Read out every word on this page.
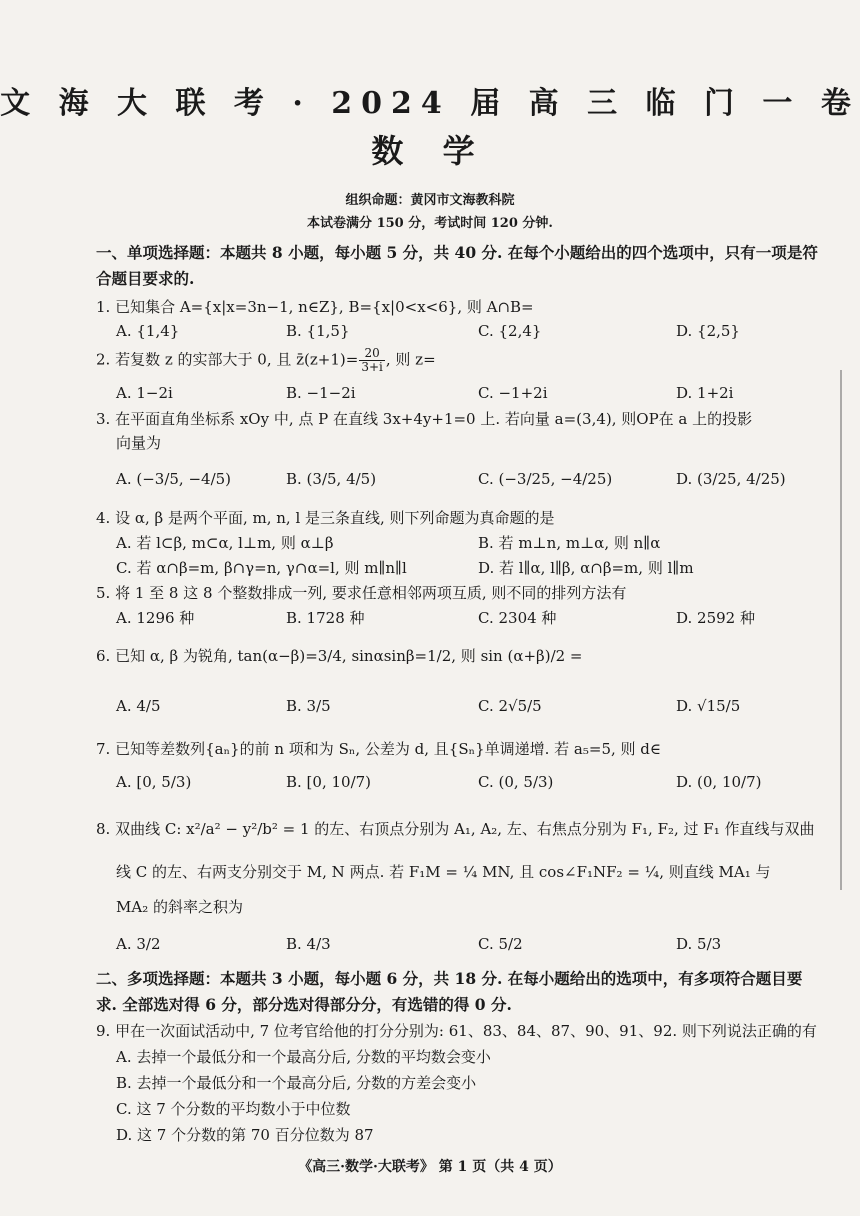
文 海 大 联 考 · 2024 届 高 三 临 门 一 卷
数 学
组织命题：黄冈市文海教科院
本试卷满分 150 分，考试时间 120 分钟.
一、单项选择题：本题共 8 小题，每小题 5 分，共 40 分. 在每个小题给出的四个选项中，只有一项是符
合题目要求的.
1. 已知集合 A={x|x=3n−1, n∈Z}, B={x|0<x<6}, 则 A∩B=
A. {1,4}	B. {1,5}	C. {2,4}	D. {2,5}
2. 若复数 z 的实部大于 0, 且 z̄(z+1)= $\frac{20}{3+i}$ , 则 z=
A. 1−2i	B. −1−2i	C. −1+2i	D. 1+2i
3. 在平面直角坐标系 xOy 中, 点 P 在直线 3x+4y+1=0 上. 若向量 a=(3,4), 则OP在 a 上的投影
向量为
A. (−3/5, −4/5)	B. (3/5, 4/5)	C. (−3/25, −4/25)	D. (3/25, 4/25)
4. 设 α, β 是两个平面, m, n, l 是三条直线, 则下列命题为真命题的是
A. 若 l⊂β, m⊂α, l⊥m, 则 α⊥β	B. 若 m⊥n, m⊥α, 则 n∥α
C. 若 α∩β=m, β∩γ=n, γ∩α=l, 则 m∥n∥l	D. 若 l∥α, l∥β, α∩β=m, 则 l∥m
5. 将 1 至 8 这 8 个整数排成一列, 要求任意相邻两项互质, 则不同的排列方法有
A. 1296 种	B. 1728 种	C. 2304 种	D. 2592 种
6. 已知 α, β 为锐角, tan(α−β)=3/4, sinαsinβ=1/2, 则 sin (α+β)/2 =
A. 4/5	B. 3/5	C. 2√5/5	D. √15/5
7. 已知等差数列{aₙ}的前 n 项和为 Sₙ, 公差为 d, 且{Sₙ}单调递增. 若 a₅=5, 则 d∈
A. [0, 5/3)	B. [0, 10/7)	C. (0, 5/3)	D. (0, 10/7)
8. 双曲线 C: x²/a² − y²/b² = 1 的左、右顶点分别为 A₁, A₂, 左、右焦点分别为 F₁, F₂, 过 F₁ 作直线与双曲
线 C 的左、右两支分别交于 M, N 两点. 若 F₁M = ¼ MN, 且 cos∠F₁NF₂ = ¼, 则直线 MA₁ 与
MA₂ 的斜率之积为
A. 3/2	B. 4/3	C. 5/2	D. 5/3
二、多项选择题：本题共 3 小题，每小题 6 分，共 18 分. 在每小题给出的选项中，有多项符合题目要
求. 全部选对得 6 分，部分选对得部分分，有选错的得 0 分.
9. 甲在一次面试活动中, 7 位考官给他的打分分别为: 61、83、84、87、90、91、92. 则下列说法正确的有
A. 去掉一个最低分和一个最高分后, 分数的平均数会变小
B. 去掉一个最低分和一个最高分后, 分数的方差会变小
C. 这 7 个分数的平均数小于中位数
D. 这 7 个分数的第 70 百分位数为 87
《高三·数学·大联考》 第 1 页（共 4 页）
